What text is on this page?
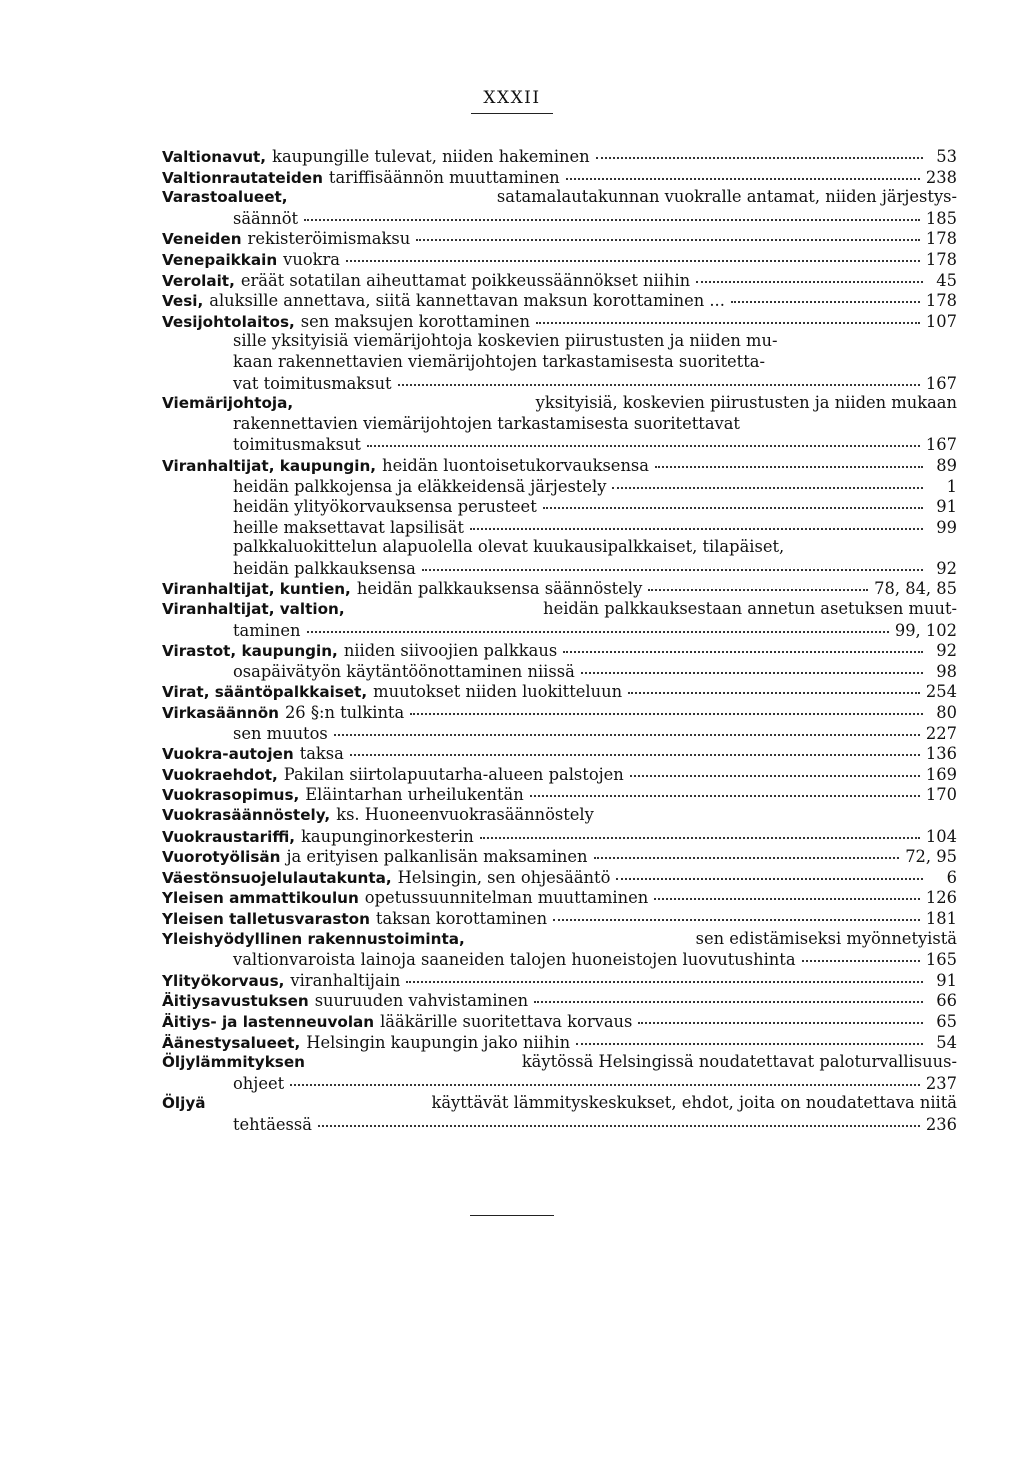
XXXII
Valtionavut, kaupungille tulevat, niiden hakeminen	53
Valtionrautateiden tariffisäännön muuttaminen	238
Varastoalueet,	satamalautakunnan vuokralle antamat, niiden järjestys-
säännöt	185
Veneiden rekisteröimismaksu	178
Venepaikkain vuokra	178
Verolait, eräät sotatilan aiheuttamat poikkeussäännökset niihin	45
Vesi, aluksille annettava, siitä kannettavan maksun korottaminen ...	178
Vesijohtolaitos, sen maksujen korottaminen	107
sille yksityisiä viemärijohtoja koskevien piirustusten ja niiden mu-
kaan rakennettavien viemärijohtojen tarkastamisesta suoritetta-
vat toimitusmaksut	167
Viemärijohtoja,	yksityisiä, koskevien piirustusten ja niiden mukaan
rakennettavien viemärijohtojen tarkastamisesta suoritettavat
toimitusmaksut	167
Viranhaltijat, kaupungin, heidän luontoisetukorvauksensa	89
heidän palkkojensa ja eläkkeidensä järjestely	1
heidän ylityökorvauksensa perusteet	91
heille maksettavat lapsilisät	99
palkkaluokittelun alapuolella olevat kuukausipalkkaiset, tilapäiset,
heidän palkkauksensa	92
Viranhaltijat, kuntien, heidän palkkauksensa säännöstely	78, 84, 85
Viranhaltijat, valtion,	heidän palkkauksestaan annetun asetuksen muut-
taminen	99, 102
Virastot, kaupungin, niiden siivoojien palkkaus	92
osapäivätyön käytäntöönottaminen niissä	98
Virat, sääntöpalkkaiset, muutokset niiden luokitteluun	254
Virkasäännön 26 §:n tulkinta	80
sen muutos	227
Vuokra-autojen taksa	136
Vuokraehdot, Pakilan siirtolapuutarha-alueen palstojen	169
Vuokrasopimus, Eläintarhan urheilukentän	170
Vuokrasäännöstely, ks. Huoneenvuokrasäännöstely
Vuokraustariffi, kaupunginorkesterin	104
Vuorotyölisän ja erityisen palkanlisän maksaminen	72, 95
Väestönsuojelulautakunta, Helsingin, sen ohjesääntö	6
Yleisen ammattikoulun opetussuunnitelman muuttaminen	126
Yleisen talletusvaraston taksan korottaminen	181
Yleishyödyllinen rakennustoiminta,	sen edistämiseksi myönnetyistä
valtionvaroista lainoja saaneiden talojen huoneistojen luovutushinta	165
Ylityökorvaus, viranhaltijain	91
Äitiysavustuksen suuruuden vahvistaminen	66
Äitiys- ja lastenneuvolan lääkärille suoritettava korvaus	65
Äänestysalueet, Helsingin kaupungin jako niihin	54
Öljylämmityksen	käytössä Helsingissä noudatettavat paloturvallisuus-
ohjeet	237
Öljyä	käyttävät lämmityskeskukset, ehdot, joita on noudatettava niitä
tehtäessä	236
